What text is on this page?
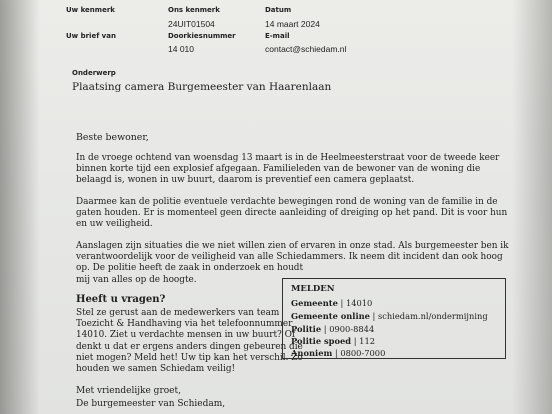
Uw kenmerk	Ons kenmerk
24UIT01504
Datum
14 maart 2024
Uw brief van	Doorkiesnummer
14 010
E-mail
contact@schiedam.nl
Onderwerp
Plaatsing camera Burgemeester van Haarenlaan
Beste bewoner,
In de vroege ochtend van woensdag 13 maart is in de Heelmeesterstraat voor de tweede keer
binnen korte tijd een explosief afgegaan. Familieleden van de bewoner van de woning die
belaagd is, wonen in uw buurt, daarom is preventief een camera geplaatst.
Daarmee kan de politie eventuele verdachte bewegingen rond de woning van de familie in de
gaten houden. Er is momenteel geen directe aanleiding of dreiging op het pand. Dit is voor hun
en uw veiligheid.
Aanslagen zijn situaties die we niet willen zien of ervaren in onze stad. Als burgemeester ben ik
verantwoordelijk voor de veiligheid van alle Schiedammers. Ik neem dit incident dan ook hoog
op. De politie heeft de zaak in onderzoek en houdt
mij van alles op de hoogte.
Heeft u vragen?
Stel ze gerust aan de medewerkers van team
Toezicht & Handhaving via het telefoonnummer
14010. Ziet u verdachte mensen in uw buurt? Of
denkt u dat er ergens anders dingen gebeuren die
niet mogen? Meld het! Uw tip kan het verschil. Zo
houden we samen Schiedam veilig!
Met vriendelijke groet,
De burgemeester van Schiedam,
MELDEN
Gemeente | 14010
Gemeente online | schiedam.nl/ondermijning
Politie | 0900-8844
Politie spoed | 112
Anoniem | 0800-7000
